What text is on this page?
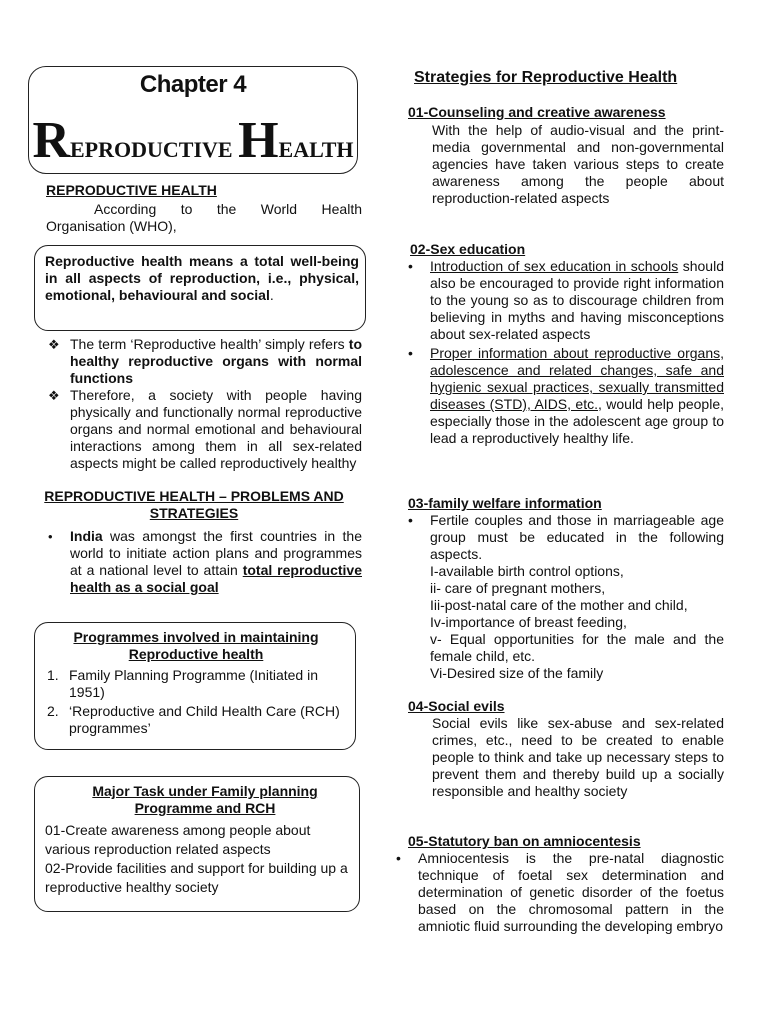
Chapter 4
REPRODUCTIVE HEALTH
REPRODUCTIVE HEALTH
According to the World Health Organisation (WHO),
Reproductive health means a total well-being in all aspects of reproduction, i.e., physical, emotional, behavioural and social.
❖ The term ‘Reproductive health’ simply refers to healthy reproductive organs with normal functions
❖ Therefore, a society with people having physically and functionally normal reproductive organs and normal emotional and behavioural interactions among them in all sex-related aspects might be called reproductively healthy
REPRODUCTIVE HEALTH – PROBLEMS AND STRATEGIES
• India was amongst the first countries in the world to initiate action plans and programmes at a national level to attain total reproductive health as a social goal
Programmes involved in maintaining Reproductive health
1. Family Planning Programme (Initiated in 1951)
2. ‘Reproductive and Child Health Care (RCH) programmes’
Major Task under Family planning Programme and RCH
01-Create awareness among people about various reproduction related aspects
02-Provide facilities and support for building up a reproductive healthy society
Strategies for Reproductive Health
01-Counseling and creative awareness
With the help of audio-visual and the print-media governmental and non-governmental agencies have taken various steps to create awareness among the people about reproduction-related aspects
02-Sex education
• Introduction of sex education in schools should also be encouraged to provide right information to the young so as to discourage children from believing in myths and having misconceptions about sex-related aspects
• Proper information about reproductive organs, adolescence and related changes, safe and hygienic sexual practices, sexually transmitted diseases (STD), AIDS, etc., would help people, especially those in the adolescent age group to lead a reproductively healthy life.
03-family welfare information
• Fertile couples and those in marriageable age group must be educated in the following aspects.
I-available birth control options,
ii- care of pregnant mothers,
Iii-post-natal care of the mother and child,
Iv-importance of breast feeding,
v- Equal opportunities for the male and the female child, etc.
Vi-Desired size of the family
04-Social evils
Social evils like sex-abuse and sex-related crimes, etc., need to be created to enable people to think and take up necessary steps to prevent them and thereby build up a socially responsible and healthy society
05-Statutory ban on amniocentesis
• Amniocentesis is the pre-natal diagnostic technique of foetal sex determination and determination of genetic disorder of the foetus based on the chromosomal pattern in the amniotic fluid surrounding the developing embryo
